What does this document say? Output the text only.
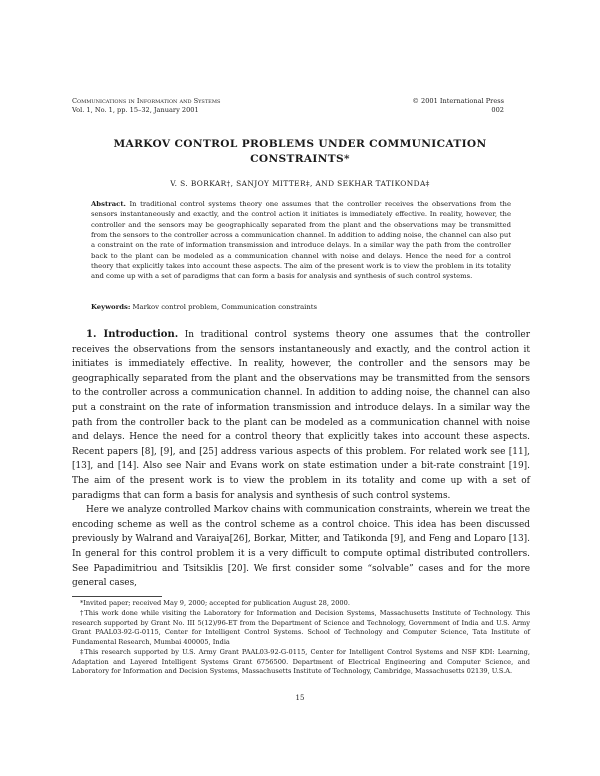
Communications in Information and Systems
Vol. 1, No. 1, pp. 15–32, January 2001
© 2001 International Press
002
MARKOV CONTROL PROBLEMS UNDER COMMUNICATION
CONSTRAINTS*
V. S. BORKAR†, SANJOY MITTER‡, AND SEKHAR TATIKONDA‡

Abstract. In traditional control systems theory one assumes that the controller receives the observations from the sensors instantaneously and exactly, and the control action it initiates is immediately effective. In reality, however, the controller and the sensors may be geographically separated from the plant and the observations may be transmitted from the sensors to the controller across a communication channel. In addition to adding noise, the channel can also put a constraint on the rate of information transmission and introduce delays. In a similar way the path from the controller back to the plant can be modeled as a communication channel with noise and delays. Hence the need for a control theory that explicitly takes into account these aspects. The aim of the present work is to view the problem in its totality and come up with a set of paradigms that can form a basis for analysis and synthesis of such control systems.

Keywords: Markov control problem, Communication constraints

1. Introduction. In traditional control systems theory one assumes that the controller receives the observations from the sensors instantaneously and exactly, and the control action it initiates is immediately effective. In reality, however, the controller and the sensors may be geographically separated from the plant and the observations may be transmitted from the sensors to the controller across a communication channel. In addition to adding noise, the channel can also put a constraint on the rate of information transmission and introduce delays. In a similar way the path from the controller back to the plant can be modeled as a communication channel with noise and delays. Hence the need for a control theory that explicitly takes into account these aspects. Recent papers [8], [9], and [25] address various aspects of this problem. For related work see [11], [13], and [14]. Also see Nair and Evans work on state estimation under a bit-rate constraint [19]. The aim of the present work is to view the problem in its totality and come up with a set of paradigms that can form a basis for analysis and synthesis of such control systems.

Here we analyze controlled Markov chains with communication constraints, wherein we treat the encoding scheme as well as the control scheme as a control choice. This idea has been discussed previously by Walrand and Varaiya[26], Borkar, Mitter, and Tatikonda [9], and Feng and Loparo [13]. In general for this control problem it is a very difficult to compute optimal distributed controllers. See Papadimitriou and Tsitsiklis [20]. We first consider some “solvable” cases and for the more general cases,

*Invited paper; received May 9, 2000; accepted for publication August 28, 2000.

†This work done while visiting the Laboratory for Information and Decision Systems, Massachusetts Institute of Technology. This research supported by Grant No. III 5(12)/96-ET from the Department of Science and Technology, Government of India and U.S. Army Grant PAAL03-92-G-0115, Center for Intelligent Control Systems. School of Technology and Computer Science, Tata Institute of Fundamental Research, Mumbai 400005, India

‡This research supported by U.S. Army Grant PAAL03-92-G-0115, Center for Intelligent Control Systems and NSF KDI: Learning, Adaptation and Layered Intelligent Systems Grant 6756500. Department of Electrical Engineering and Computer Science, and Laboratory for Information and Decision Systems, Massachusetts Institute of Technology, Cambridge, Massachusetts 02139, U.S.A.

15
